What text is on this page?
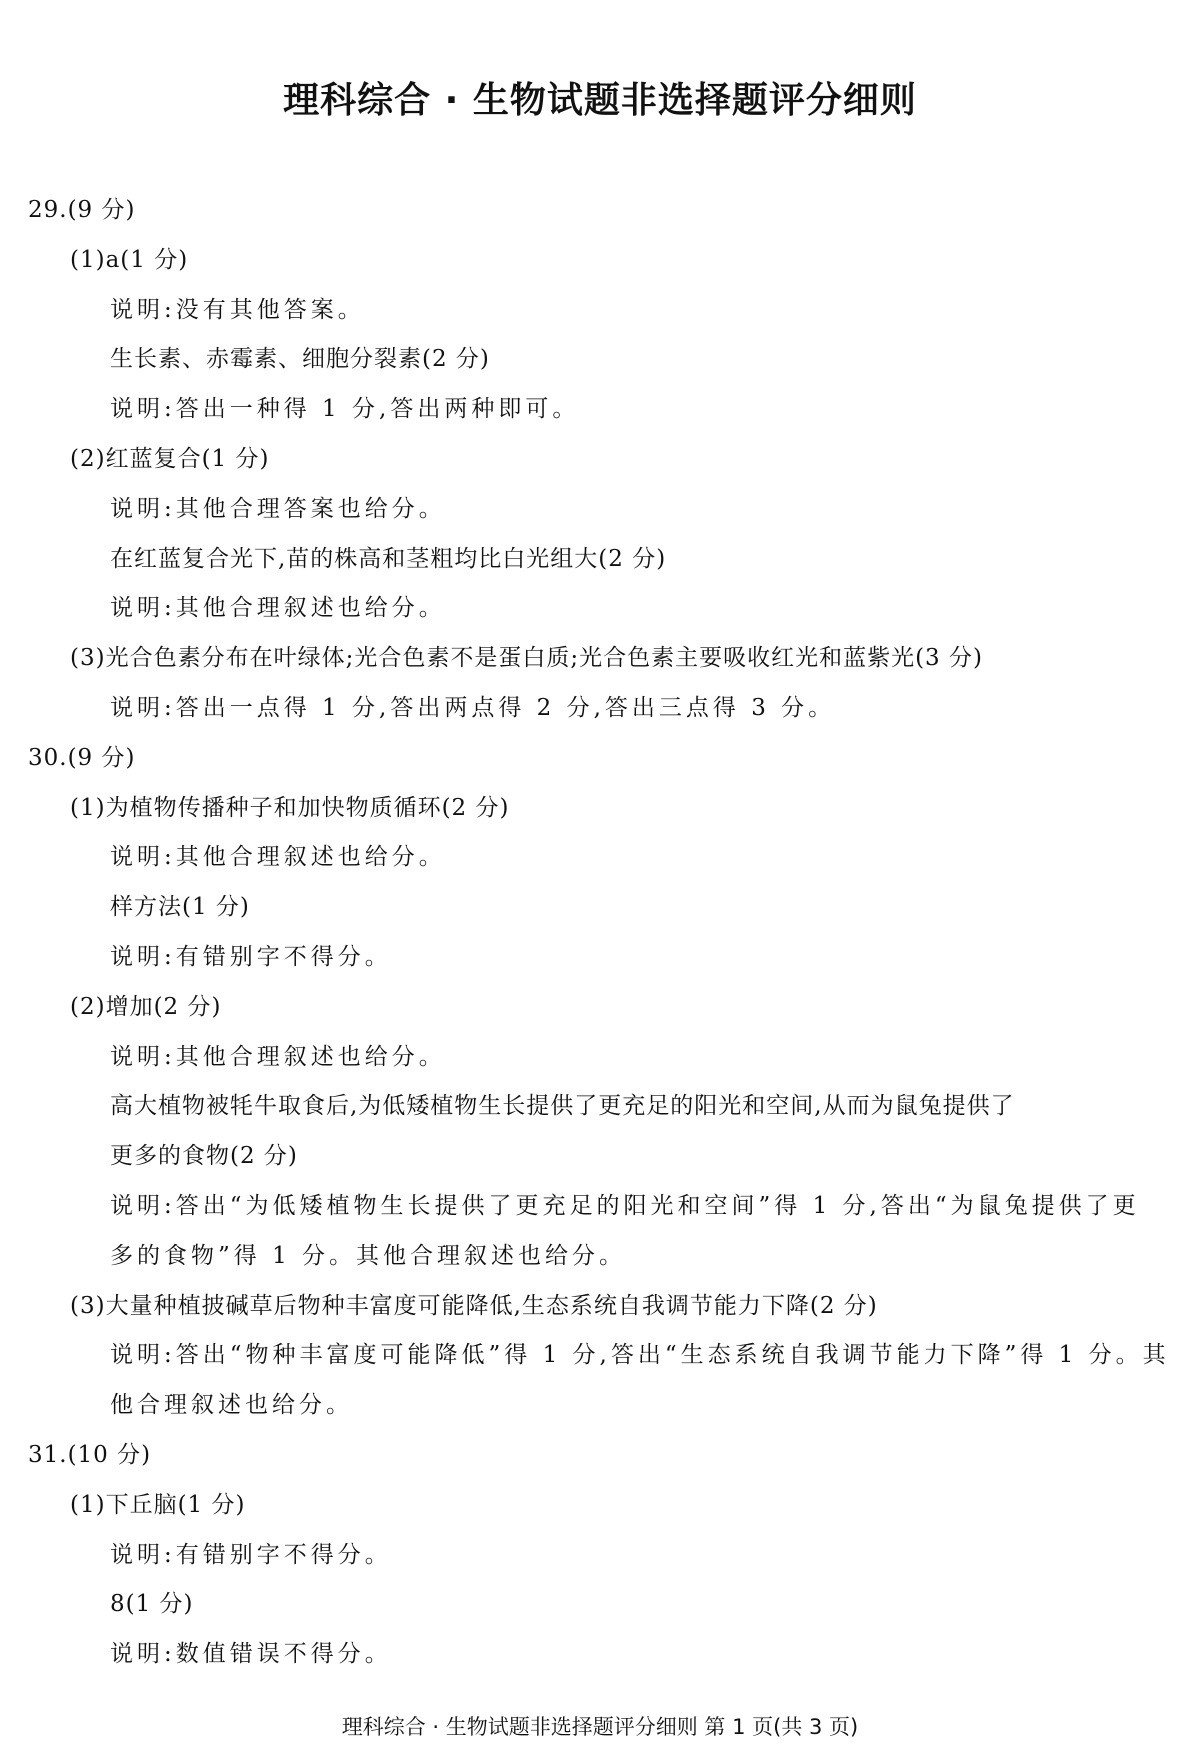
理科综合 · 生物试题非选择题评分细则
29.(9 分)
(1)a(1 分)
说明:没有其他答案。
生长素、赤霉素、细胞分裂素(2 分)
说明:答出一种得 1 分,答出两种即可。
(2)红蓝复合(1 分)
说明:其他合理答案也给分。
在红蓝复合光下,苗的株高和茎粗均比白光组大(2 分)
说明:其他合理叙述也给分。
(3)光合色素分布在叶绿体;光合色素不是蛋白质;光合色素主要吸收红光和蓝紫光(3 分)
说明:答出一点得 1 分,答出两点得 2 分,答出三点得 3 分。
30.(9 分)
(1)为植物传播种子和加快物质循环(2 分)
说明:其他合理叙述也给分。
样方法(1 分)
说明:有错别字不得分。
(2)增加(2 分)
说明:其他合理叙述也给分。
高大植物被牦牛取食后,为低矮植物生长提供了更充足的阳光和空间,从而为鼠兔提供了
更多的食物(2 分)
说明:答出“为低矮植物生长提供了更充足的阳光和空间”得 1 分,答出“为鼠兔提供了更
多的食物”得 1 分。其他合理叙述也给分。
(3)大量种植披碱草后物种丰富度可能降低,生态系统自我调节能力下降(2 分)
说明:答出“物种丰富度可能降低”得 1 分,答出“生态系统自我调节能力下降”得 1 分。其
他合理叙述也给分。
31.(10 分)
(1)下丘脑(1 分)
说明:有错别字不得分。
8(1 分)
说明:数值错误不得分。
理科综合 · 生物试题非选择题评分细则 第 1 页(共 3 页)
